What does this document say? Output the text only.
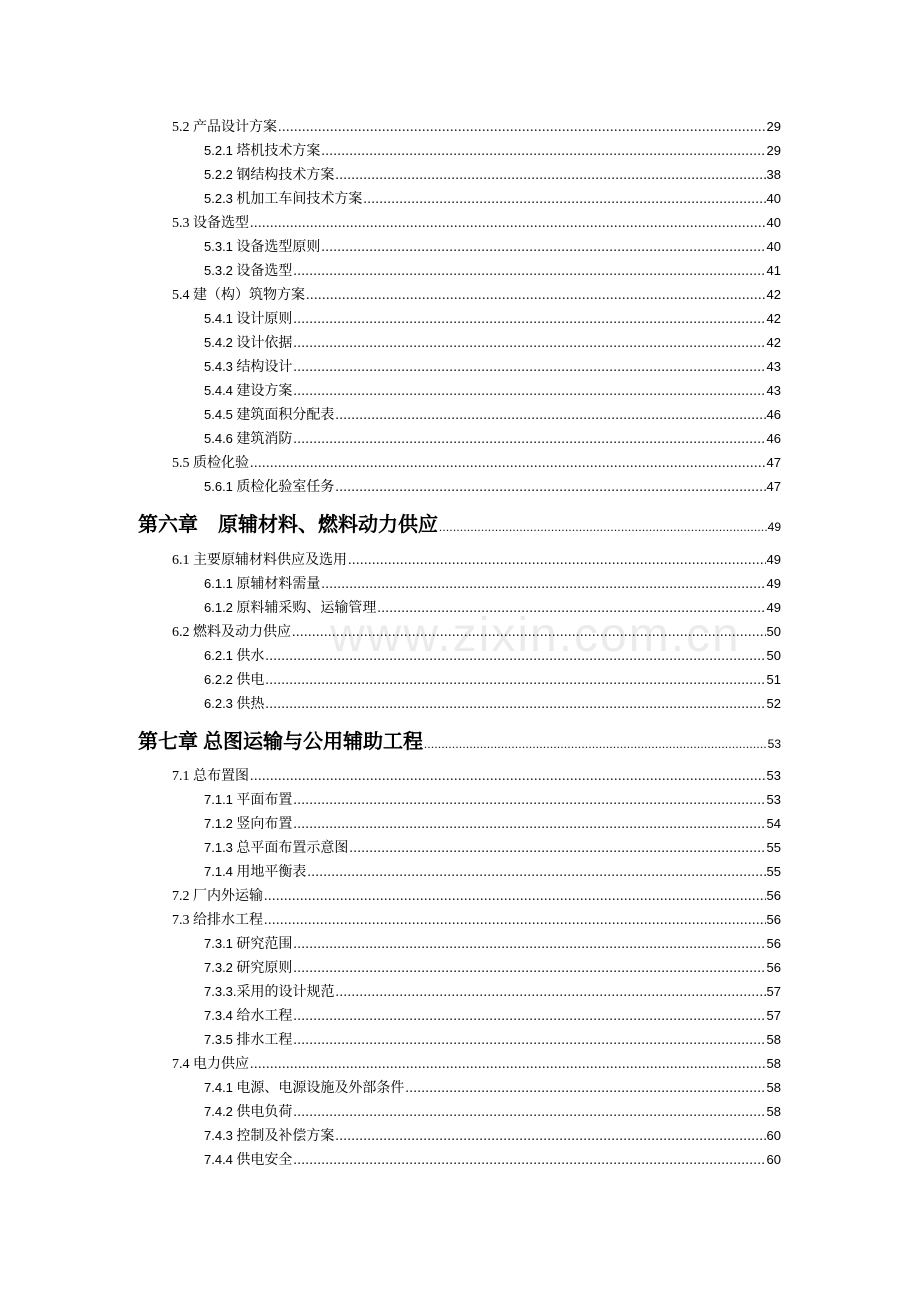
5.2 产品设计方案 .....	29
5.2.1 塔机技术方案 .....	29
5.2.2 钢结构技术方案 .....	38
5.2.3 机加工车间技术方案 .....	40
5.3 设备选型 .....	40
5.3.1 设备选型原则 .....	40
5.3.2 设备选型 .....	41
5.4 建（构）筑物方案 .....	42
5.4.1 设计原则 .....	42
5.4.2 设计依据 .....	42
5.4.3 结构设计 .....	43
5.4.4 建设方案 .....	43
5.4.5 建筑面积分配表 .....	46
5.4.6 建筑消防 .....	46
5.5 质检化验 .....	47
5.6.1 质检化验室任务 .....	47
第六章　原辅材料、燃料动力供应 .....	49
6.1 主要原辅材料供应及选用 .....	49
6.1.1 原辅材料需量 .....	49
6.1.2 原料辅采购、运输管理 .....	49
6.2 燃料及动力供应 .....	50
6.2.1 供水 .....	50
6.2.2 供电 .....	51
6.2.3 供热 .....	52
第七章 总图运输与公用辅助工程 .....	53
7.1 总布置图 .....	53
7.1.1 平面布置 .....	53
7.1.2 竖向布置 .....	54
7.1.3 总平面布置示意图 .....	55
7.1.4 用地平衡表 .....	55
7.2 厂内外运输 .....	56
7.3 给排水工程 .....	56
7.3.1 研究范围 .....	56
7.3.2 研究原则 .....	56
7.3.3.采用的设计规范 .....	57
7.3.4 给水工程 .....	57
7.3.5 排水工程 .....	58
7.4 电力供应 .....	58
7.4.1 电源、电源设施及外部条件 .....	58
7.4.2 供电负荷 .....	58
7.4.3 控制及补偿方案 .....	60
7.4.4 供电安全 .....	60
www.zixin.com.cn
